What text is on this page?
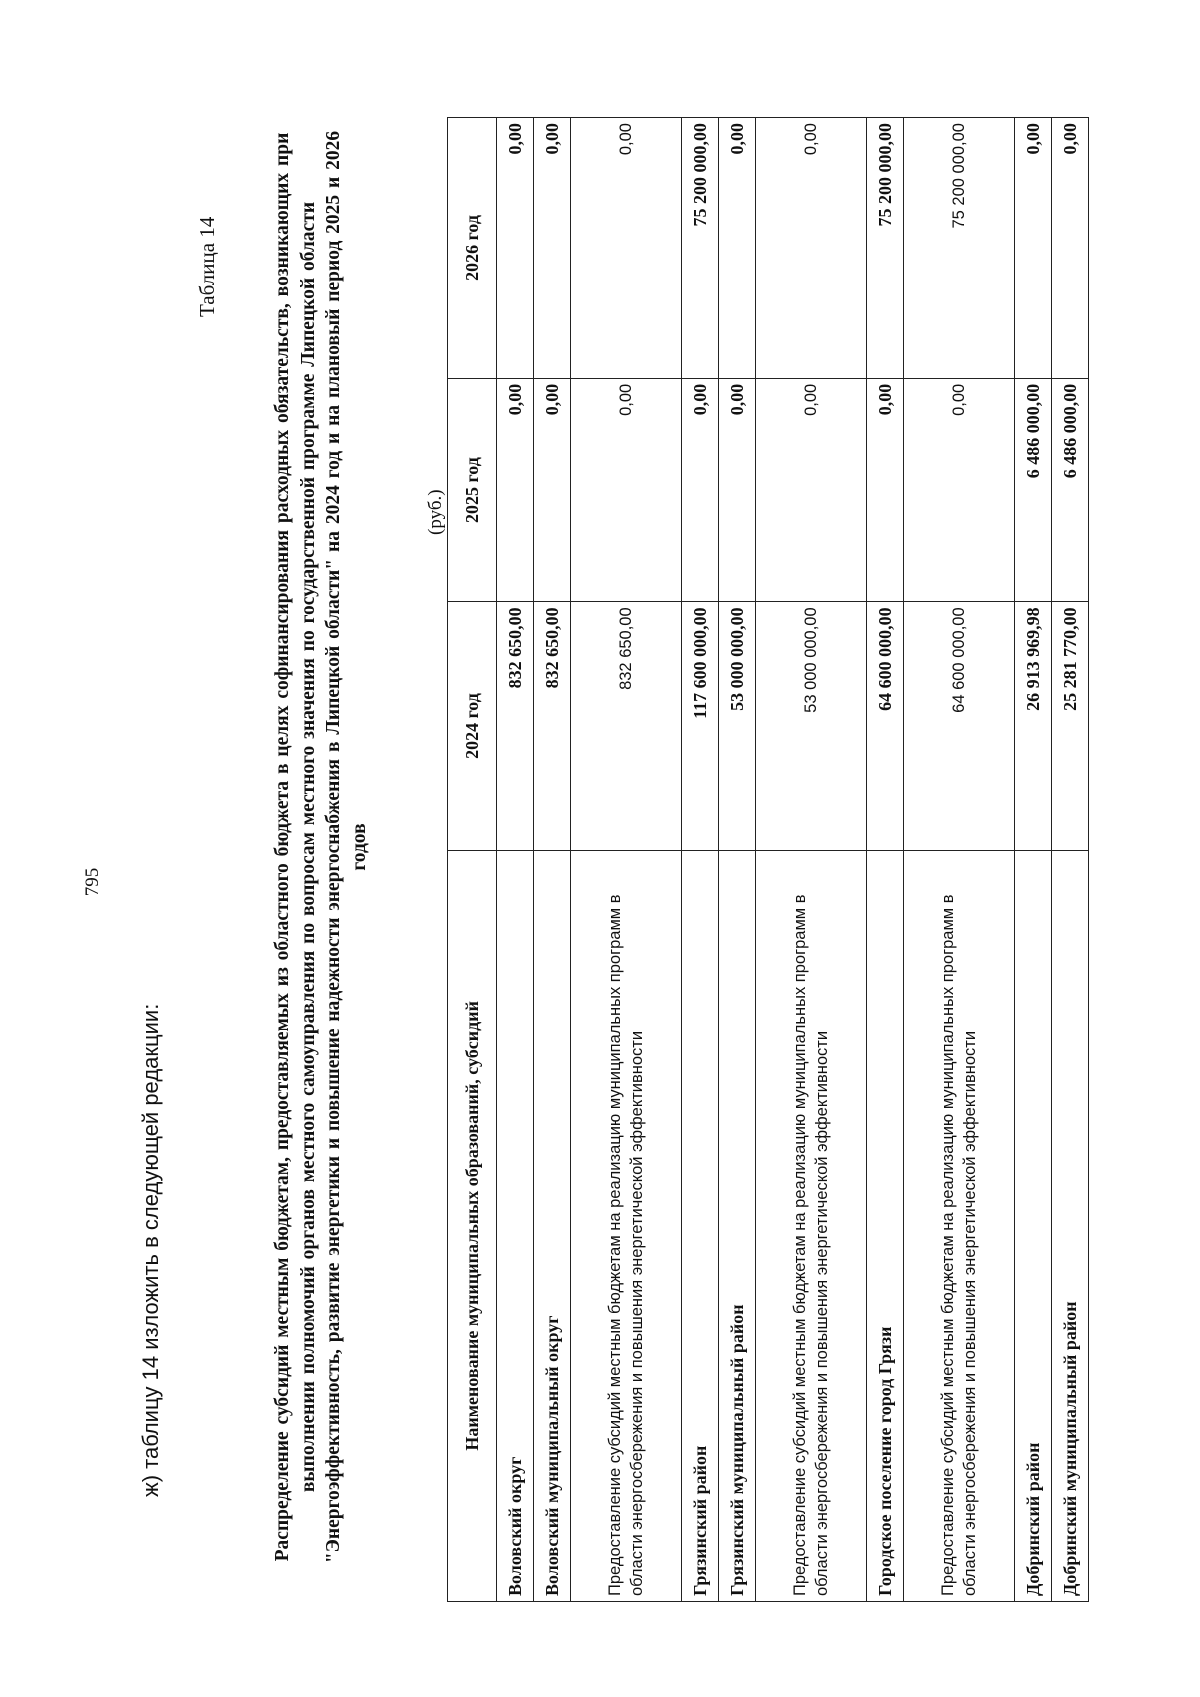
795
ж) таблицу 14 изложить в следующей редакции:
Таблица 14	Распределение субсидий местным бюджетам, предоставляемых из областного бюджета в целях софинансирования расходных обязательств, возникающих при выполнении полномочий органов местного самоуправления по вопросам местного значения по государственной программе Липецкой области "Энергоэффективность, развитие энергетики и повышение надежности энергоснабжения в Липецкой области" на 2024 год и на плановый период 2025 и 2026 годов
(руб.)
Наименование муниципальных образований, субсидий	2024 год	2025 год	2026 год
Воловский округ	832 650,00	0,00	0,00
Воловский муниципальный округ	832 650,00	0,00	0,00
Предоставление субсидий местным бюджетам на реализацию муниципальных программ в области энергосбережения и повышения энергетической эффективности	832 650,00	0,00	0,00
Грязинский район	117 600 000,00	0,00	75 200 000,00
Грязинский муниципальный район	53 000 000,00	0,00	0,00
Предоставление субсидий местным бюджетам на реализацию муниципальных программ в области энергосбережения и повышения энергетической эффективности	53 000 000,00	0,00	0,00
Городское поселение город Грязи	64 600 000,00	0,00	75 200 000,00
Предоставление субсидий местным бюджетам на реализацию муниципальных программ в области энергосбережения и повышения энергетической эффективности	64 600 000,00	0,00	75 200 000,00
Добринский район	26 913 969,98	6 486 000,00	0,00
Добринский муниципальный район	25 281 770,00	6 486 000,00	0,00
